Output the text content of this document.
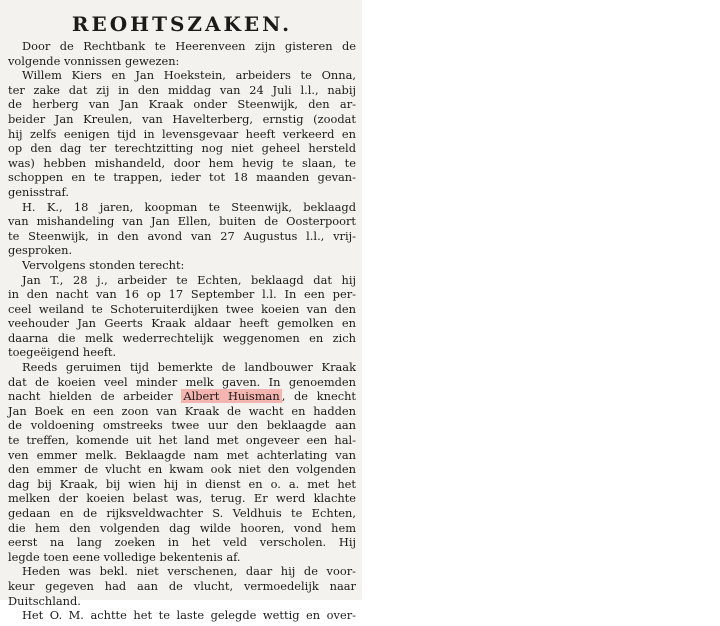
REOHTSZAKEN.

Door de Rechtbank te Heerenveen zijn gisteren de
volgende vonnissen gewezen:

Willem Kiers en Jan Hoekstein, arbeiders te Onna,
ter zake dat zij in den middag van 24 Juli l.l., nabij
de herberg van Jan Kraak onder Steenwijk, den ar-
beider Jan Kreulen, van Havelterberg, ernstig (zoodat
hij zelfs eenigen tijd in levensgevaar heeft verkeerd en
op den dag ter terechtzitting nog niet geheel hersteld
was) hebben mishandeld, door hem hevig te slaan, te
schoppen en te trappen, ieder tot 18 maanden gevan-
genisstraf.

H. K., 18 jaren, koopman te Steenwijk, beklaagd
van mishandeling van Jan Ellen, buiten de Oosterpoort
te Steenwijk, in den avond van 27 Augustus l.l., vrij-
gesproken.

Vervolgens stonden terecht:

Jan T., 28 j., arbeider te Echten, beklaagd dat hij
in den nacht van 16 op 17 September l.l. In een per-
ceel weiland te Schoteruiterdijken twee koeien van den
veehouder Jan Geerts Kraak aldaar heeft gemolken en
daarna die melk wederrechtelijk weggenomen en zich
toegeëigend heeft.

Reeds geruimen tijd bemerkte de landbouwer Kraak
dat de koeien veel minder melk gaven. In genoemden
nacht hielden de arbeider Albert Huisman , de knecht
Jan Boek en een zoon van Kraak de wacht en hadden
de voldoening omstreeks twee uur den beklaagde aan
te treffen, komende uit het land met ongeveer een hal-
ven emmer melk. Beklaagde nam met achterlating van
den emmer de vlucht en kwam ook niet den volgenden
dag bij Kraak, bij wien hij in dienst en o. a. met het
melken der koeien belast was, terug. Er werd klachte
gedaan en de rijksveldwachter S. Veldhuis te Echten,
die hem den volgenden dag wilde hooren, vond hem
eerst na lang zoeken in het veld verscholen. Hij
legde toen eene volledige bekentenis af.

Heden was bekl. niet verschenen, daar hij de voor-
keur gegeven had aan de vlucht, vermoedelijk naar
Duitschland.

Het O. M. achtte het te laste gelegde wettig en over-
